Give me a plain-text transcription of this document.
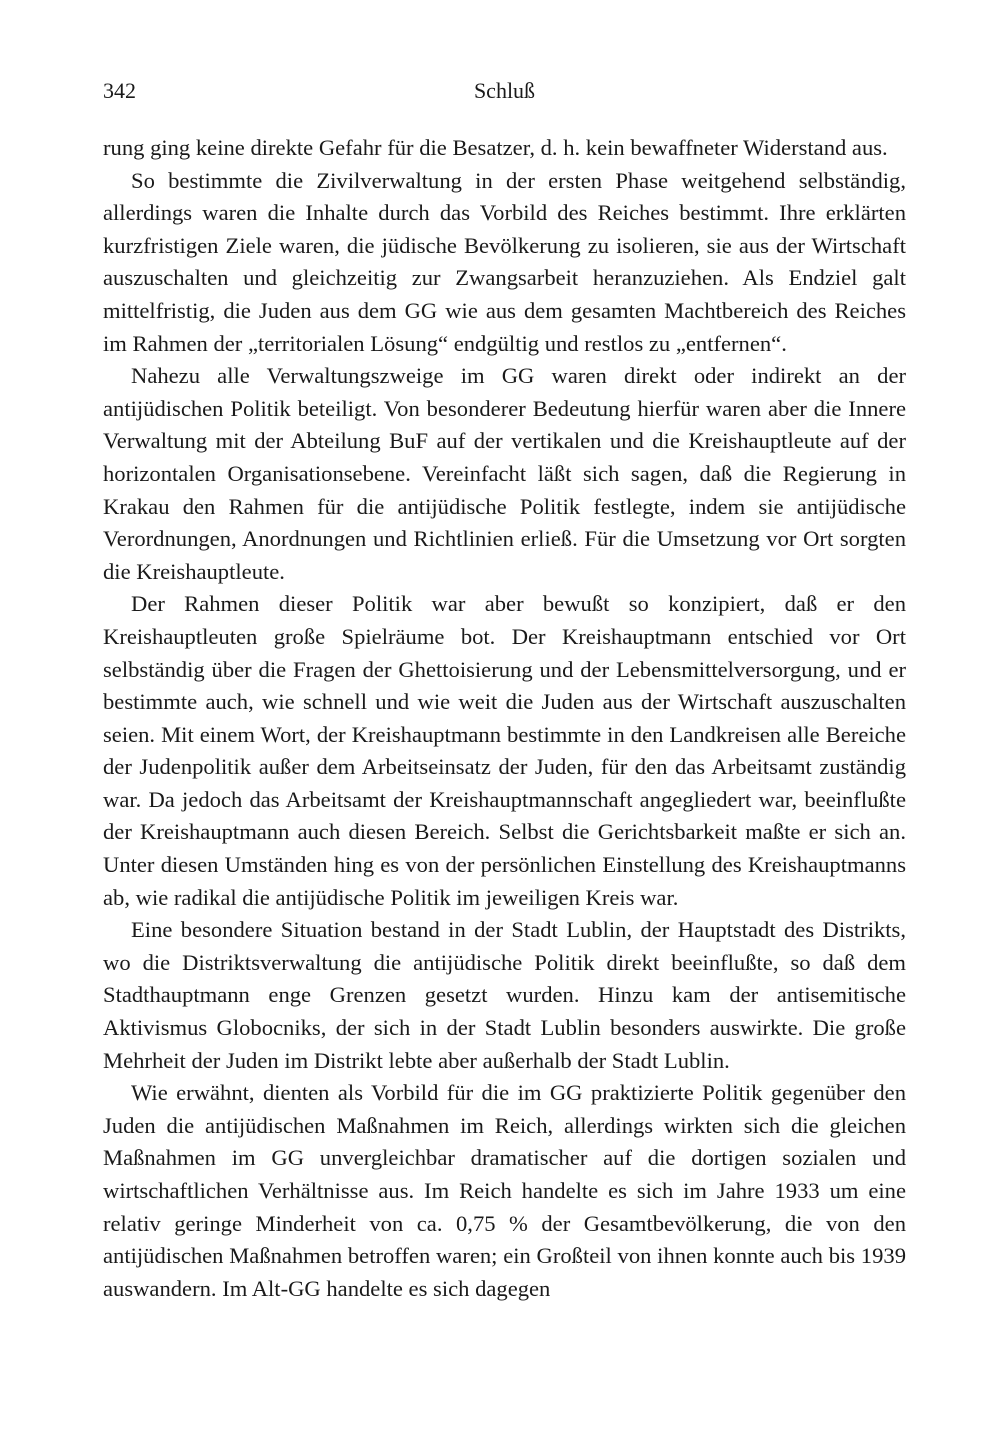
342	Schluß

rung ging keine direkte Gefahr für die Besatzer, d. h. kein bewaffneter Widerstand aus.

So bestimmte die Zivilverwaltung in der ersten Phase weitgehend selbständig, allerdings waren die Inhalte durch das Vorbild des Reiches bestimmt. Ihre erklärten kurzfristigen Ziele waren, die jüdische Bevölkerung zu isolieren, sie aus der Wirtschaft auszuschalten und gleichzeitig zur Zwangsarbeit heranzuziehen. Als Endziel galt mittelfristig, die Juden aus dem GG wie aus dem gesamten Machtbereich des Reiches im Rahmen der „territorialen Lösung“ endgültig und restlos zu „entfernen“.

Nahezu alle Verwaltungszweige im GG waren direkt oder indirekt an der antijüdischen Politik beteiligt. Von besonderer Bedeutung hierfür waren aber die Innere Verwaltung mit der Abteilung BuF auf der vertikalen und die Kreishauptleute auf der horizontalen Organisationsebene. Vereinfacht läßt sich sagen, daß die Regierung in Krakau den Rahmen für die antijüdische Politik festlegte, indem sie antijüdische Verordnungen, Anordnungen und Richtlinien erließ. Für die Umsetzung vor Ort sorgten die Kreishauptleute.

Der Rahmen dieser Politik war aber bewußt so konzipiert, daß er den Kreishauptleuten große Spielräume bot. Der Kreishauptmann entschied vor Ort selbständig über die Fragen der Ghettoisierung und der Lebensmittelversorgung, und er bestimmte auch, wie schnell und wie weit die Juden aus der Wirtschaft auszuschalten seien. Mit einem Wort, der Kreishauptmann bestimmte in den Landkreisen alle Bereiche der Judenpolitik außer dem Arbeitseinsatz der Juden, für den das Arbeitsamt zuständig war. Da jedoch das Arbeitsamt der Kreishauptmannschaft angegliedert war, beeinflußte der Kreishauptmann auch diesen Bereich. Selbst die Gerichtsbarkeit maßte er sich an. Unter diesen Umständen hing es von der persönlichen Einstellung des Kreishauptmanns ab, wie radikal die antijüdische Politik im jeweiligen Kreis war.

Eine besondere Situation bestand in der Stadt Lublin, der Hauptstadt des Distrikts, wo die Distriktsverwaltung die antijüdische Politik direkt beeinflußte, so daß dem Stadthauptmann enge Grenzen gesetzt wurden. Hinzu kam der antisemitische Aktivismus Globocniks, der sich in der Stadt Lublin besonders auswirkte. Die große Mehrheit der Juden im Distrikt lebte aber außerhalb der Stadt Lublin.

Wie erwähnt, dienten als Vorbild für die im GG praktizierte Politik gegenüber den Juden die antijüdischen Maßnahmen im Reich, allerdings wirkten sich die gleichen Maßnahmen im GG unvergleichbar dramatischer auf die dortigen sozialen und wirtschaftlichen Verhältnisse aus. Im Reich handelte es sich im Jahre 1933 um eine relativ geringe Minderheit von ca. 0,75 % der Gesamtbevölkerung, die von den antijüdischen Maßnahmen betroffen waren; ein Großteil von ihnen konnte auch bis 1939 auswandern. Im Alt-GG handelte es sich dagegen
